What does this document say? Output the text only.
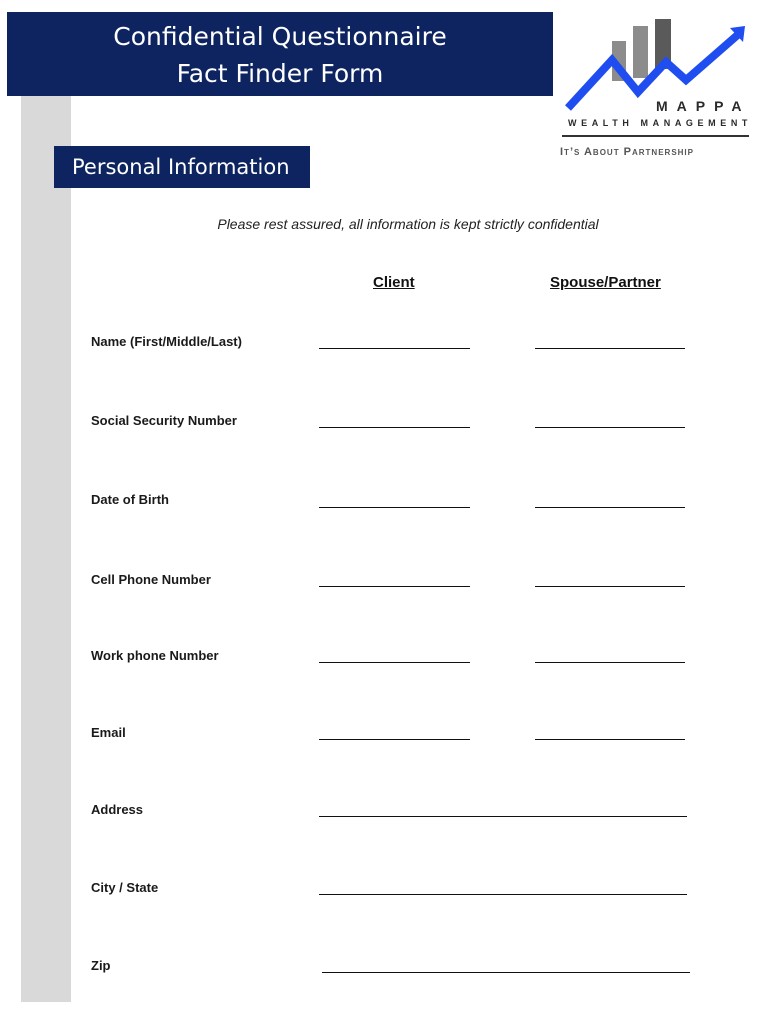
Confidential Questionnaire
Fact Finder Form
MAPPA
WEALTH MANAGEMENT
It’s About Partnership
Personal Information
Please rest assured, all information is kept strictly confidential
Client	Spouse/Partner
Name (First/Middle/Last)
Social Security Number
Date of Birth
Cell Phone Number
Work phone Number
Email
Address
City / State
Zip
